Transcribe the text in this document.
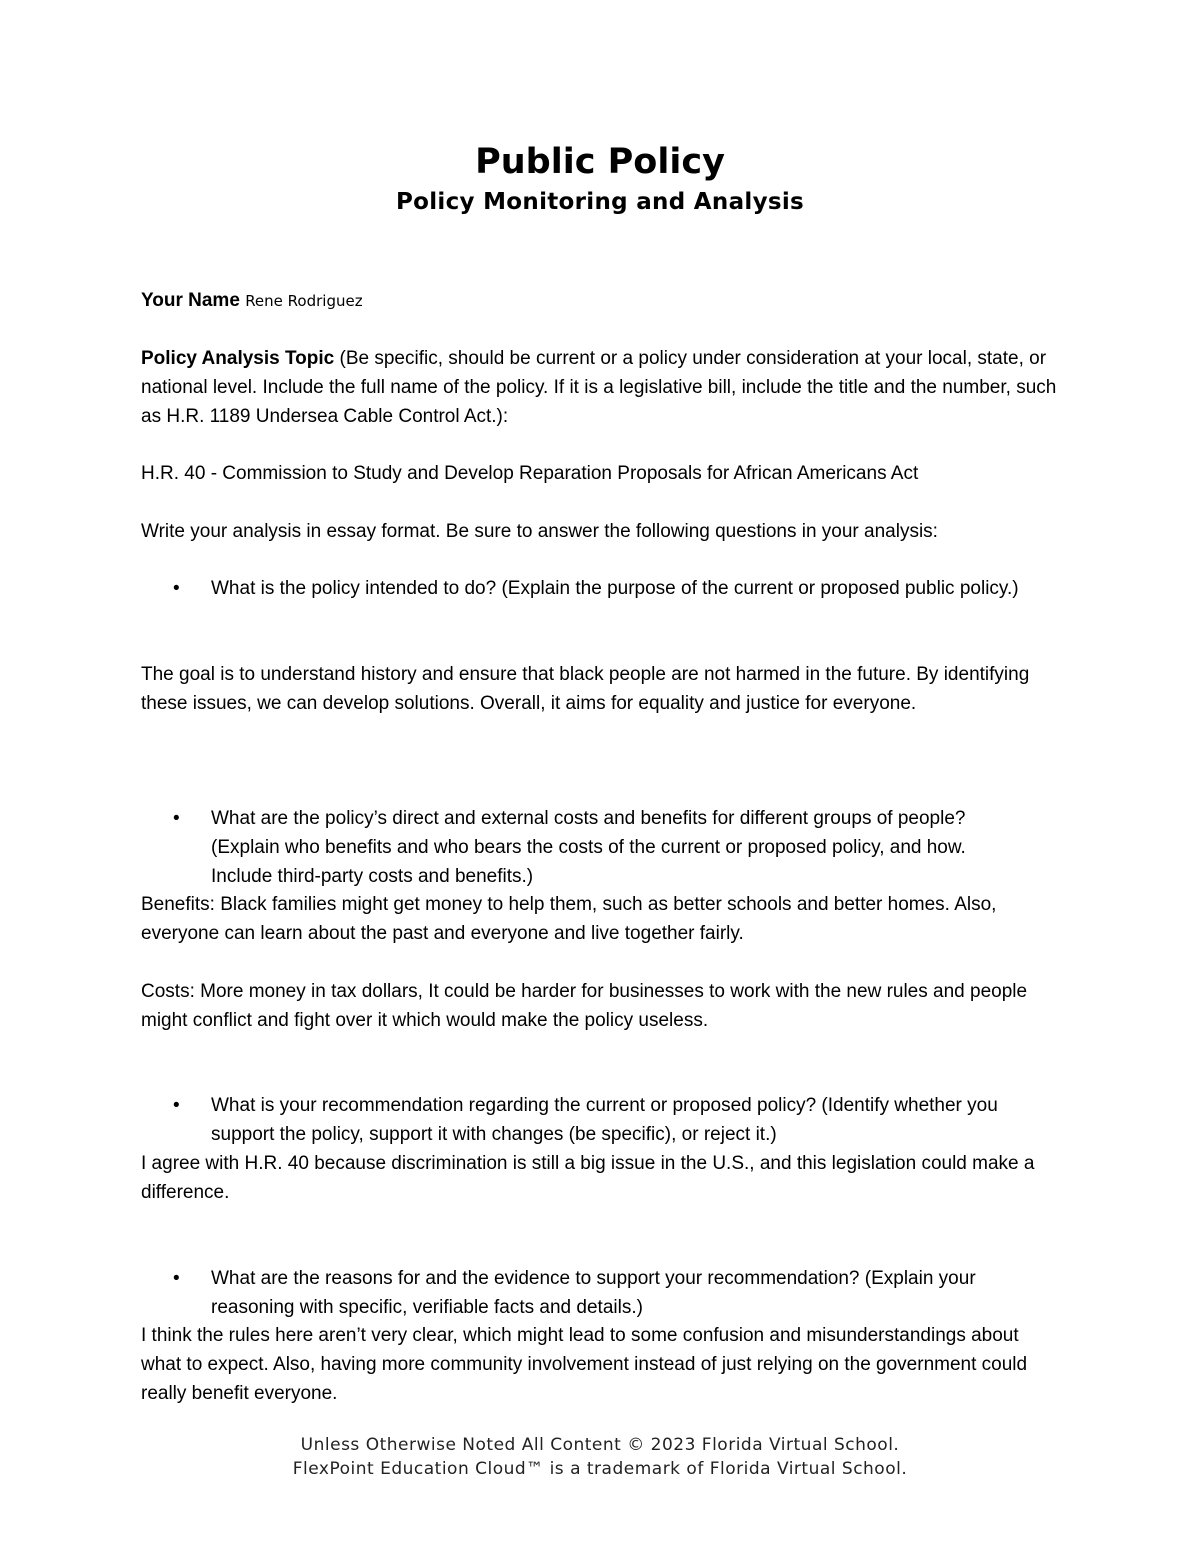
Public Policy
Policy Monitoring and Analysis

Your Name Rene Rodriguez

Policy Analysis Topic (Be specific, should be current or a policy under consideration at your local, state, or national level. Include the full name of the policy. If it is a legislative bill, include the title and the number, such as H.R. 1189 Undersea Cable Control Act.):

H.R. 40 - Commission to Study and Develop Reparation Proposals for African Americans Act
Write your analysis in essay format. Be sure to answer the following questions in your analysis:
• What is the policy intended to do? (Explain the purpose of the current or proposed public policy.)
The goal is to understand history and ensure that black people are not harmed in the future. By identifying these issues, we can develop solutions. Overall, it aims for equality and justice for everyone.
• What are the policy’s direct and external costs and benefits for different groups of people? (Explain who benefits and who bears the costs of the current or proposed policy, and how. Include third-party costs and benefits.)
Benefits: Black families might get money to help them, such as better schools and better homes. Also, everyone can learn about the past and everyone and live together fairly.
Costs: More money in tax dollars, It could be harder for businesses to work with the new rules and people might conflict and fight over it which would make the policy useless.
• What is your recommendation regarding the current or proposed policy? (Identify whether you support the policy, support it with changes (be specific), or reject it.)
I agree with H.R. 40 because discrimination is still a big issue in the U.S., and this legislation could make a difference.
• What are the reasons for and the evidence to support your recommendation? (Explain your reasoning with specific, verifiable facts and details.)
I think the rules here aren’t very clear, which might lead to some confusion and misunderstandings about what to expect. Also, having more community involvement instead of just relying on the government could really benefit everyone.
Unless Otherwise Noted All Content © 2023 Florida Virtual School.
FlexPoint Education Cloud™ is a trademark of Florida Virtual School.
